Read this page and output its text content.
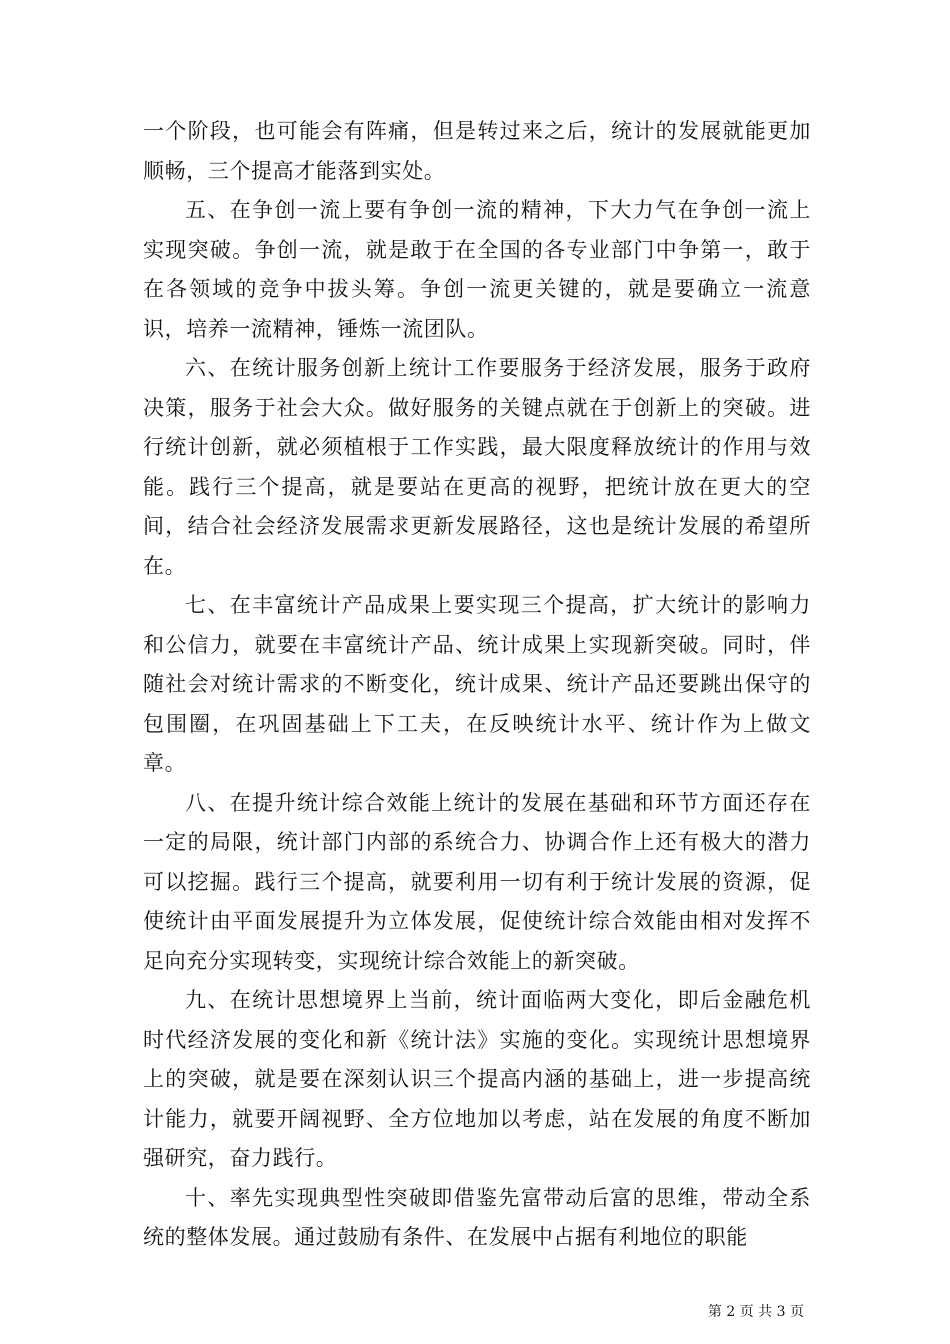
一个阶段，也可能会有阵痛，但是转过来之后，统计的发展就能更加顺畅，三个提高才能落到实处。

五、在争创一流上要有争创一流的精神，下大力气在争创一流上实现突破。争创一流，就是敢于在全国的各专业部门中争第一，敢于在各领域的竞争中拔头筹。争创一流更关键的，就是要确立一流意识，培养一流精神，锤炼一流团队。

六、在统计服务创新上统计工作要服务于经济发展，服务于政府决策，服务于社会大众。做好服务的关键点就在于创新上的突破。进行统计创新，就必须植根于工作实践，最大限度释放统计的作用与效能。践行三个提高，就是要站在更高的视野，把统计放在更大的空间，结合社会经济发展需求更新发展路径，这也是统计发展的希望所在。

七、在丰富统计产品成果上要实现三个提高，扩大统计的影响力和公信力，就要在丰富统计产品、统计成果上实现新突破。同时，伴随社会对统计需求的不断变化，统计成果、统计产品还要跳出保守的包围圈，在巩固基础上下工夫，在反映统计水平、统计作为上做文章。

八、在提升统计综合效能上统计的发展在基础和环节方面还存在一定的局限，统计部门内部的系统合力、协调合作上还有极大的潜力可以挖掘。践行三个提高，就要利用一切有利于统计发展的资源，促使统计由平面发展提升为立体发展，促使统计综合效能由相对发挥不足向充分实现转变，实现统计综合效能上的新突破。

九、在统计思想境界上当前，统计面临两大变化，即后金融危机时代经济发展的变化和新《统计法》实施的变化。实现统计思想境界上的突破，就是要在深刻认识三个提高内涵的基础上，进一步提高统计能力，就要开阔视野、全方位地加以考虑，站在发展的角度不断加强研究，奋力践行。

十、率先实现典型性突破即借鉴先富带动后富的思维，带动全系统的整体发展。通过鼓励有条件、在发展中占据有利地位的职能

第 2 页 共 3 页
